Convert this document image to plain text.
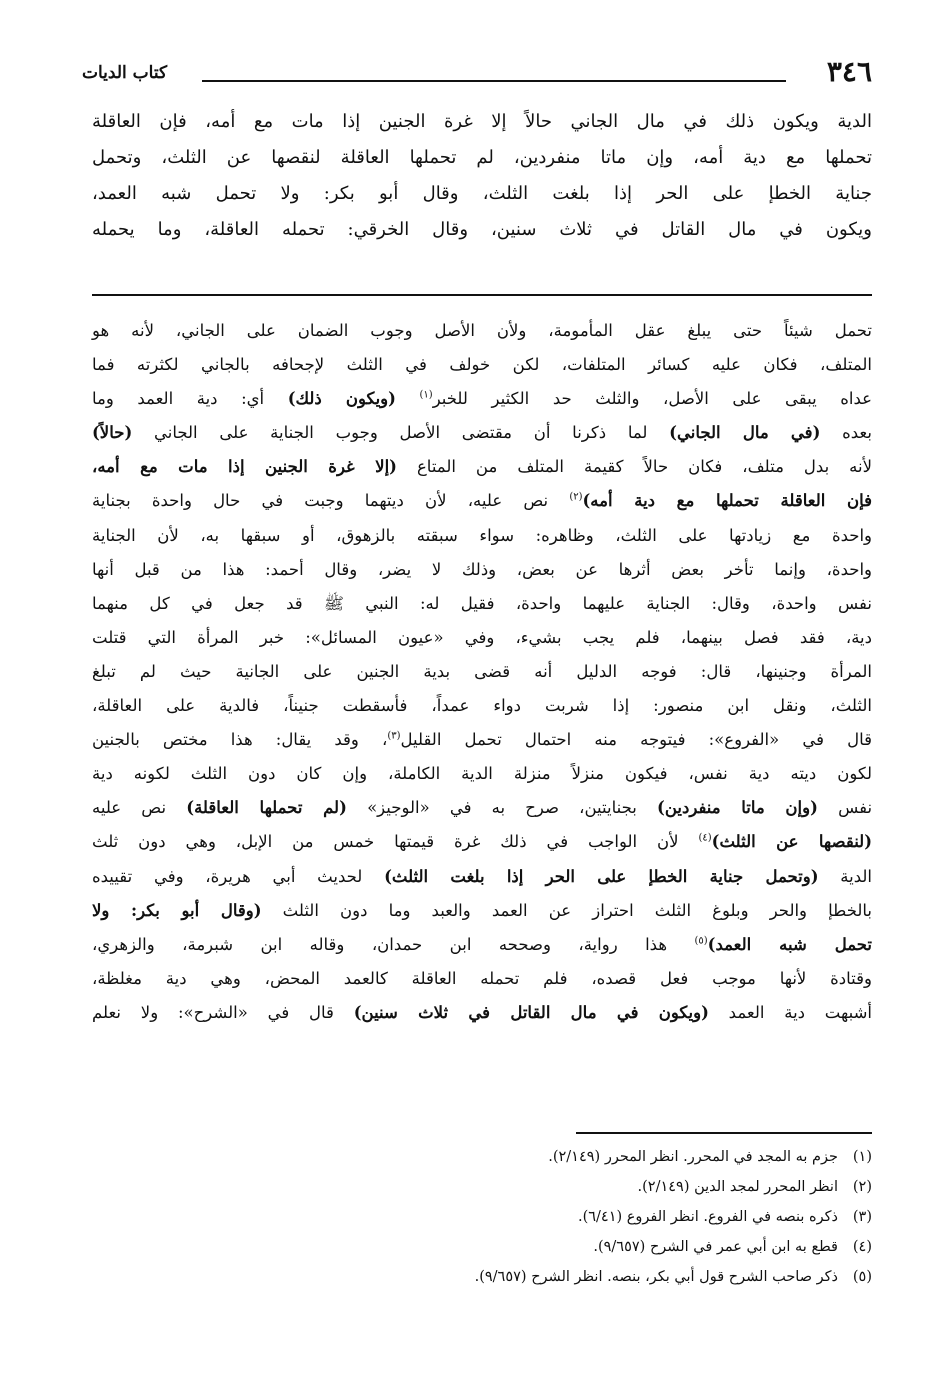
٣٤٦
كتاب الديات

الدية ويكون ذلك في مال الجاني حالاً إلا غرة الجنين إذا مات مع أمه، فإن العاقلة

تحملها مع دية أمه، وإن ماتا منفردين، لم تحملها العاقلة لنقصها عن الثلث، وتحمل

جناية الخطإ على الحر إذا بلغت الثلث، وقال أبو بكر: ولا تحمل شبه العمد،

ويكون في مال القاتل في ثلاث سنين، وقال الخرقي: تحمله العاقلة، وما يحمله

تحمل شيئاً حتى يبلغ عقل المأمومة، ولأن الأصل وجوب الضمان على الجاني، لأنه هو

المتلف، فكان عليه كسائر المتلفات، لكن خولف في الثلث لإجحافه بالجاني لكثرته فما

عداه يبقى على الأصل، والثلث حد الكثير للخبر$^{(١)}$ (ويكون ذلك) أي: دية العمد وما

بعده (في مال الجاني) لما ذكرنا أن مقتضى الأصل وجوب الجناية على الجاني (حالاً)

لأنه بدل متلف، فكان حالاً كقيمة المتلف من المتاع (إلا غرة الجنين إذا مات مع أمه،

فإن العاقلة تحملها مع دية أمه)$^{(٢)}$ نص عليه، لأن ديتهما وجبت في حال واحدة بجناية

واحدة مع زيادتها على الثلث، وظاهره: سواء سبقته بالزهوق، أو سبقها به، لأن الجناية

واحدة، وإنما تأخر بعض أثرها عن بعض، وذلك لا يضر، وقال أحمد: هذا من قبل أنها

نفس واحدة، وقال: الجناية عليهما واحدة، فقيل له: النبي ﷺ قد جعل في كل منهما

دية، فقد فصل بينهما، فلم يجب بشيء، وفي «عيون المسائل»: خبر المرأة التي قتلت

المرأة وجنينها، قال: فوجه الدليل أنه قضى بدية الجنين على الجانية حيث لم تبلغ

الثلث، ونقل ابن منصور: إذا شربت دواء عمداً، فأسقطت جنيناً، فالدية على العاقلة،

قال في «الفروع»: فيتوجه منه احتمال تحمل القليل$^{(٣)}$، وقد يقال: هذا مختص بالجنين

لكون ديته دية نفس، فيكون منزلاً منزلة الدية الكاملة، وإن كان دون الثلث لكونه دية

نفس (وإن ماتا منفردين) بجنايتين، صرح به في «الوجيز» (لم تحملها العاقلة) نص عليه

(لنقصها عن الثلث)$^{(٤)}$ لأن الواجب في ذلك غرة قيمتها خمس من الإبل، وهي دون ثلث

الدية (وتحمل جناية الخطإ على الحر إذا بلغت الثلث) لحديث أبي هريرة، وفي تقييده

بالخطإ والحر وبلوغ الثلث احتراز عن العمد والعبد وما دون الثلث (وقال أبو بكر: ولا

تحمل شبه العمد)$^{(٥)}$ هذا رواية، وصححه ابن حمدان، وقاله ابن شبرمة، والزهري،

وقتادة لأنها موجب فعل قصده، فلم تحمله العاقلة كالعمد المحض، وهي دية مغلظة،

أشبهت دية العمد (ويكون في مال القاتل في ثلاث سنين) قال في «الشرح»: ولا نعلم

(١)جزم به المجد في المحرر. انظر المحرر (٢/١٤٩).
(٢)انظر المحرر لمجد الدين (٢/١٤٩).
(٣)ذكره بنصه في الفروع. انظر الفروع (٦/٤١).
(٤)قطع به ابن أبي عمر في الشرح (٩/٦٥٧).
(٥)ذكر صاحب الشرح قول أبي بكر، بنصه. انظر الشرح (٩/٦٥٧).
